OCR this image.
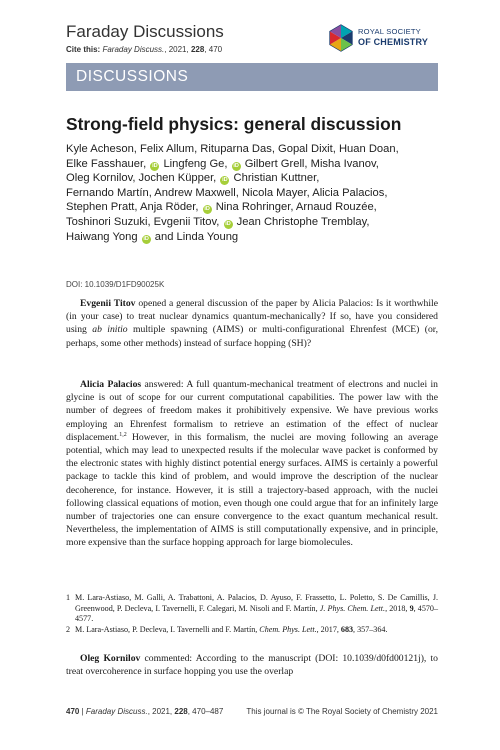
Faraday Discussions
Cite this: Faraday Discuss., 2021, 228, 470
ROYAL SOCIETY
OF CHEMISTRY
DISCUSSIONS
Strong-field physics: general discussion
Kyle Acheson, Felix Allum, Rituparna Das, Gopal Dixit, Huan Doan,
Elke Fasshauer, iD Lingfeng Ge, iD Gilbert Grell, Misha Ivanov,
Oleg Kornilov, Jochen Küpper, iD Christian Kuttner,
Fernando Martín, Andrew Maxwell, Nicola Mayer, Alicia Palacios,
Stephen Pratt, Anja Röder, iD Nina Rohringer, Arnaud Rouzée,
Toshinori Suzuki, Evgenii Titov, iD Jean Christophe Tremblay,
Haiwang Yong iD and Linda Young
DOI: 10.1039/D1FD90025K
Evgenii Titov opened a general discussion of the paper by Alicia Palacios: Is it worthwhile (in your case) to treat nuclear dynamics quantum-mechanically? If so, have you considered using ab initio multiple spawning (AIMS) or multi-configurational Ehrenfest (MCE) (or, perhaps, some other methods) instead of surface hopping (SH)?
Alicia Palacios answered: A full quantum-mechanical treatment of electrons and nuclei in glycine is out of scope for our current computational capabilities. The power law with the number of degrees of freedom makes it prohibitively expensive. We have previous works employing an Ehrenfest formalism to retrieve an estimation of the effect of nuclear displacement.$^{1,2}$ However, in this formalism, the nuclei are moving following an average potential, which may lead to unexpected results if the molecular wave packet is conformed by the electronic states with highly distinct potential energy surfaces. AIMS is certainly a powerful package to tackle this kind of problem, and would improve the description of the nuclear decoherence, for instance. However, it is still a trajectory-based approach, with the nuclei following classical equations of motion, even though one could argue that for an infinitely large number of trajectories one can ensure convergence to the exact quantum mechanical result. Nevertheless, the implementation of AIMS is still computationally expensive, and in principle, more expensive than the surface hopping approach for large biomolecules.
1 M. Lara-Astiaso, M. Galli, A. Trabattoni, A. Palacios, D. Ayuso, F. Frassetto, L. Poletto, S. De Camillis, J. Greenwood, P. Decleva, I. Tavernelli, F. Calegari, M. Nisoli and F. Martín, J. Phys. Chem. Lett., 2018, 9, 4570–4577.
2 M. Lara-Astiaso, P. Decleva, I. Tavernelli and F. Martín, Chem. Phys. Lett., 2017, 683, 357–364.
Oleg Kornilov commented: According to the manuscript (DOI: 10.1039/d0fd00121j), to treat overcoherence in surface hopping you use the overlap
470 | Faraday Discuss., 2021, 228, 470–487	This journal is © The Royal Society of Chemistry 2021
